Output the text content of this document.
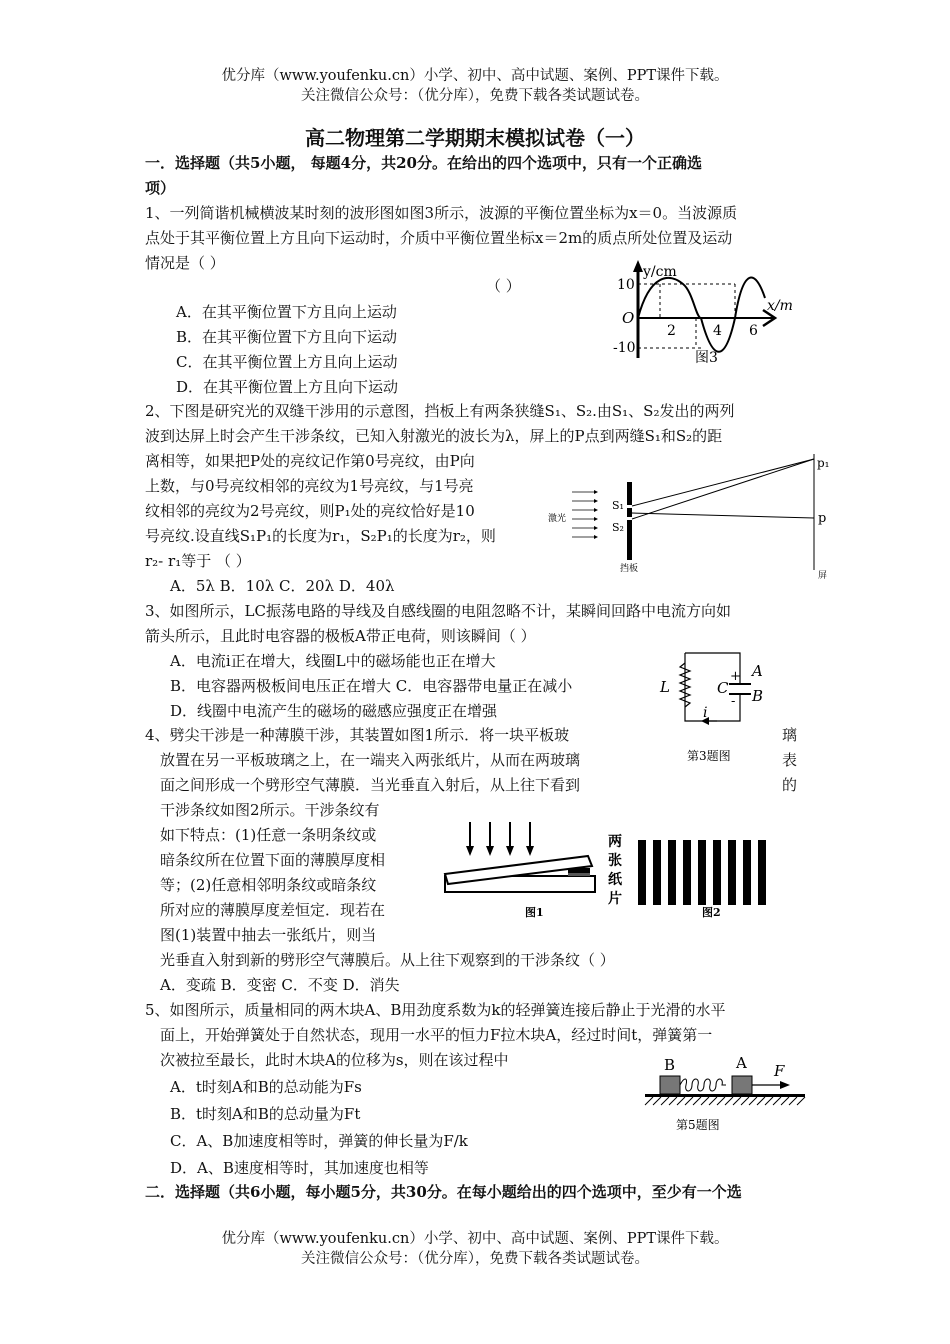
优分库（www.youfenku.cn）小学、初中、高中试题、案例、PPT课件下载。
关注微信公众号：（优分库），免费下载各类试题试卷。
高二物理第二学期期末模拟试卷（一）
一．选择题（共5小题， 每题4分，共20分。在给出的四个选项中，只有一个正确选
项）
1、一列简谐机械横波某时刻的波形图如图3所示，波源的平衡位置坐标为x＝0。当波源质
点处于其平衡位置上方且向下运动时，介质中平衡位置坐标x＝2m的质点所处位置及运动
情况是（ ）
（ ）
A．在其平衡位置下方且向上运动
B．在其平衡位置下方且向下运动
C．在其平衡位置上方且向上运动
D．在其平衡位置上方且向下运动
y/cm
10
-10
O
2	4 6
x/m
图3
2、下图是研究光的双缝干涉用的示意图，挡板上有两条狭缝S₁、S₂.由S₁、S₂发出的两列
波到达屏上时会产生干涉条纹，已知入射激光的波长为λ，屏上的P点到两缝S₁和S₂的距
离相等，如果把P处的亮纹记作第0号亮纹，由P向
上数，与0号亮纹相邻的亮纹为1号亮纹，与1号亮
纹相邻的亮纹为2号亮纹，则P₁处的亮纹恰好是10
号亮纹.设直线S₁P₁的长度为r₁，S₂P₁的长度为r₂，则
r₂- r₁等于 （ ）
A．5λ B．10λ C．20λ D．40λ
激光
S₁
S₂
挡板
屏
p₁
p
3、如图所示，LC振荡电路的导线及自感线圈的电阻忽略不计，某瞬间回路中电流方向如
箭头所示，且此时电容器的极板A带正电荷，则该瞬间（ ）
A．电流i正在增大，线圈L中的磁场能也正在增大
B．电容器两极板间电压正在增大 C．电容器带电量正在减小
D．线圈中电流产生的磁场的磁感应强度正在增强
L	C
A
B
+
-
i
第3题图
4、劈尖干涉是一种薄膜干涉，其装置如图1所示．将一块平板玻	璃
放置在另一平板玻璃之上，在一端夹入两张纸片，从而在两玻璃	表
面之间形成一个劈形空气薄膜．当光垂直入射后，从上往下看到	的
干涉条纹如图2所示。干涉条纹有
如下特点：(1)任意一条明条纹或
暗条纹所在位置下面的薄膜厚度相
等；(2)任意相邻明条纹或暗条纹
所对应的薄膜厚度差恒定．现若在
图(1)装置中抽去一张纸片，则当
光垂直入射到新的劈形空气薄膜后。从上往下观察到的干涉条纹（ ）
A．变疏 B．变密 C．不变 D．消失
两
张
纸
片
图1	图2
5、如图所示，质量相同的两木块A、B用劲度系数为k的轻弹簧连接后静止于光滑的水平
面上，开始弹簧处于自然状态，现用一水平的恒力F拉木块A，经过时间t，弹簧第一
次被拉至最长，此时木块A的位移为s，则在该过程中
A．t时刻A和B的总动能为Fs
B．t时刻A和B的总动量为Ft
C．A、B加速度相等时，弹簧的伸长量为F/k
D．A、B速度相等时，其加速度也相等
B	A F
第5题图
二．选择题（共6小题，每小题5分，共30分。在每小题给出的四个选项中，至少有一个选
优分库（www.youfenku.cn）小学、初中、高中试题、案例、PPT课件下载。
关注微信公众号：（优分库），免费下载各类试题试卷。
